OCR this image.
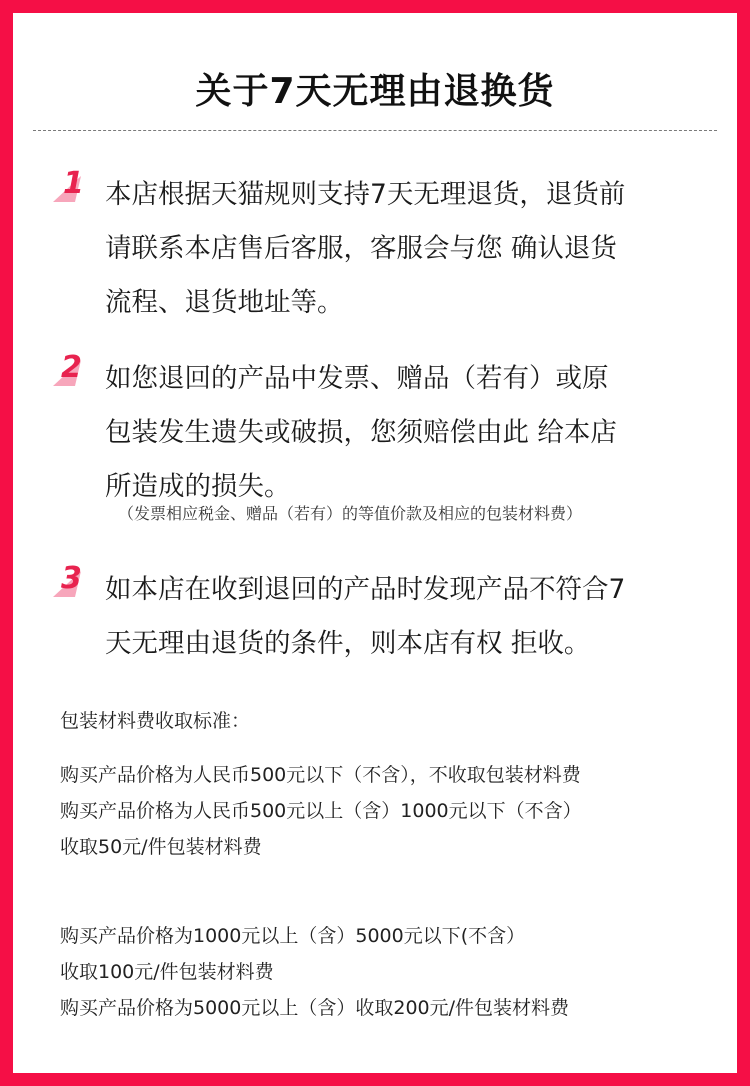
关于7天无理由退换货
1 本店根据天猫规则支持7天无理退货，退货前
请联系本店售后客服，客服会与您 确认退货
流程、退货地址等。
2 如您退回的产品中发票、赠品（若有）或原
包装发生遗失或破损，您须赔偿由此 给本店
所造成的损失。
（发票相应税金、赠品（若有）的等值价款及相应的包装材料费）
3 如本店在收到退回的产品时发现产品不符合7
天无理由退货的条件，则本店有权 拒收。
包装材料费收取标准：
购买产品价格为人民币500元以下（不含），不收取包装材料费
购买产品价格为人民币500元以上（含）1000元以下（不含）
收取50元/件包装材料费
购买产品价格为1000元以上（含）5000元以下(不含）
收取100元/件包装材料费
购买产品价格为5000元以上（含）收取200元/件包装材料费
